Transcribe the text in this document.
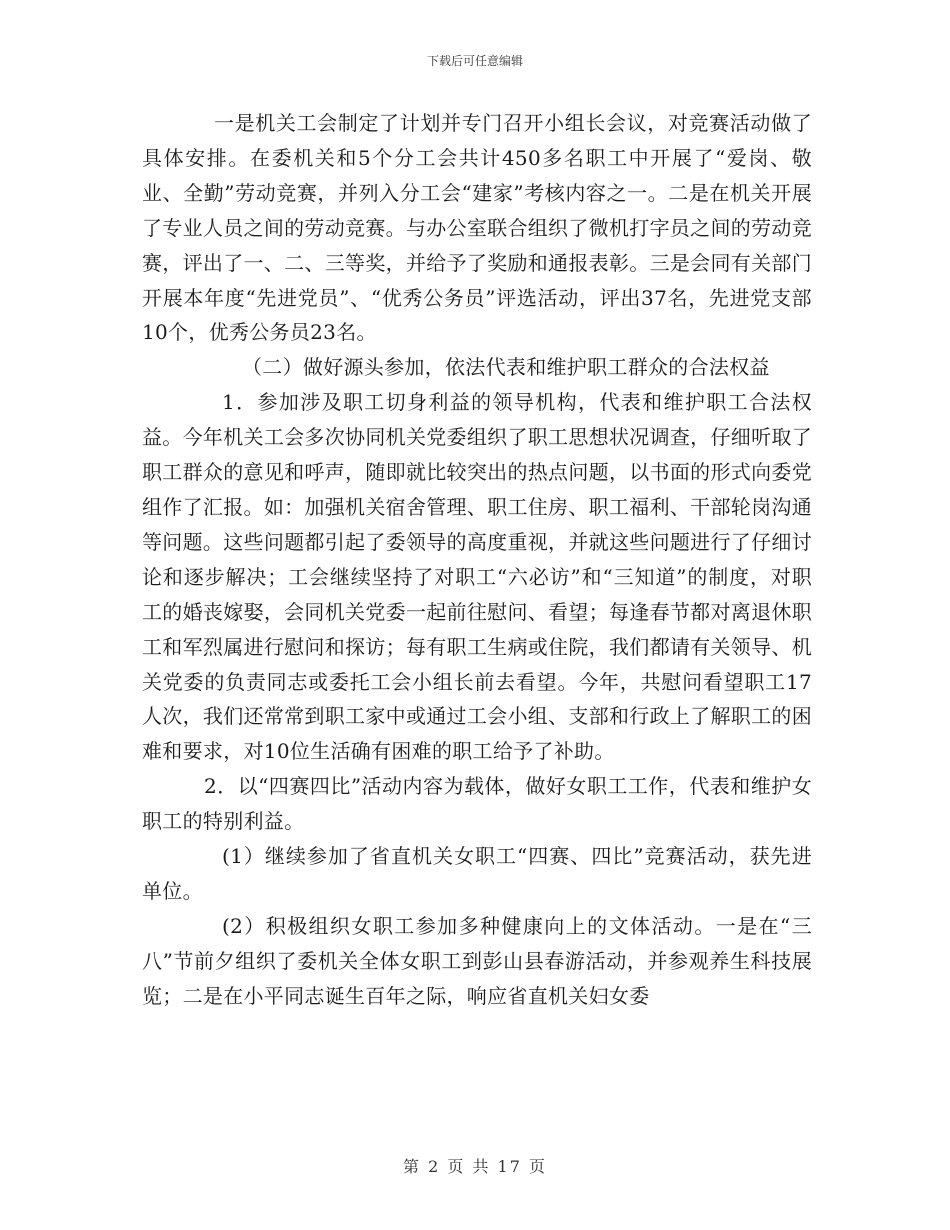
下载后可任意编辑

一是机关工会制定了计划并专门召开小组长会议，对竞赛活动做了具体安排。在委机关和5个分工会共计450多名职工中开展了“爱岗、敬业、全勤”劳动竞赛，并列入分工会“建家”考核内容之一。二是在机关开展了专业人员之间的劳动竞赛。与办公室联合组织了微机打字员之间的劳动竞赛，评出了一、二、三等奖，并给予了奖励和通报表彰。三是会同有关部门开展本年度“先进党员”、“优秀公务员”评选活动，评出37名，先进党支部10个，优秀公务员23名。

（二）做好源头参加，依法代表和维护职工群众的合法权益

1．参加涉及职工切身利益的领导机构，代表和维护职工合法权益。今年机关工会多次协同机关党委组织了职工思想状况调查，仔细听取了职工群众的意见和呼声，随即就比较突出的热点问题，以书面的形式向委党组作了汇报。如：加强机关宿舍管理、职工住房、职工福利、干部轮岗沟通等问题。这些问题都引起了委领导的高度重视，并就这些问题进行了仔细讨论和逐步解决；工会继续坚持了对职工“六必访”和“三知道”的制度，对职工的婚丧嫁娶，会同机关党委一起前往慰问、看望；每逢春节都对离退休职工和军烈属进行慰问和探访；每有职工生病或住院，我们都请有关领导、机关党委的负责同志或委托工会小组长前去看望。今年，共慰问看望职工17人次，我们还常常到职工家中或通过工会小组、支部和行政上了解职工的困难和要求，对10位生活确有困难的职工给予了补助。

2．以“四赛四比”活动内容为载体，做好女职工工作，代表和维护女职工的特别利益。

(1）继续参加了省直机关女职工“四赛、四比”竞赛活动，获先进单位。

(2）积极组织女职工参加多种健康向上的文体活动。一是在“三八”节前夕组织了委机关全体女职工到彭山县春游活动，并参观养生科技展览；二是在小平同志诞生百年之际，响应省直机关妇女委

第 2 页 共 17 页
